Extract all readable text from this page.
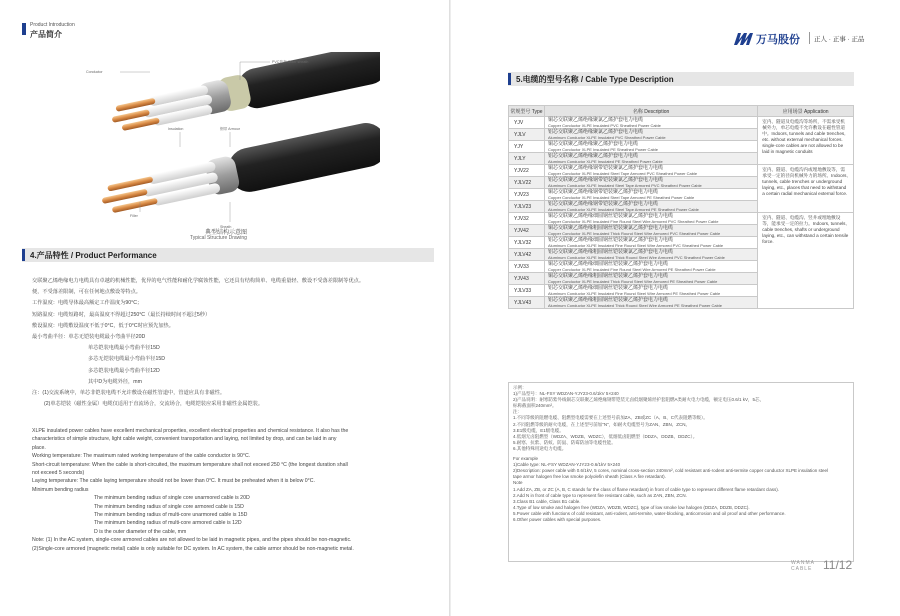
Product Introduction
产品简介
PVC护套 Outer sheath
Conductor
Insulation	钢带 Armour
Filler
Sheath
典型结构示意图
Typical Structure Drawing
4.产品特性 / Product Performance

交联聚乙烯绝缘电力电缆具有卓越的机械性能，优异的电气性能和耐化学腐蚀性能，它还具有结构简单、电缆重量轻、敷设不受落差限制等优点。

便，不受落差限制，可在任何地点敷设等特点。

工作温度：电缆导体最高额定工作温度为90°C；

短路温度：电缆短路时，最高温度不得超过250°C（最长持续时间不超过5秒）

敷设温度：电缆敷设温度不低于0°C，低于0°C时应预先加热。

最小弯曲半径：单芯无铠装电缆最小弯曲半径20D

单芯铠装电缆最小弯曲半径15D

多芯无铠装电缆最小弯曲半径15D

多芯铠装电缆最小弯曲半径12D

其中D为电缆外径，mm

注：(1)交流系统中，单芯非铠装电缆不允许敷设在磁性管道中，管道应具有非磁性。

(2)单芯铠装（磁性金属）电缆仅适用于直流场合，交流场合，电缆铠装应采用非磁性金属铠装。

XLPE insulated power cables have excellent mechanical properties, excellent electrical properties and chemical resistance. It also has the

characteristics of simple structure, light cable weight, convenient transportation and laying, not limited by drop, and can be laid in any

place.

Working temperature: The maximum rated working temperature of the cable conductor is 90°C.

Short-circuit temperature: When the cable is short-circuited, the maximum temperature shall not exceed 250 °C (the longest duration shall

not exceed 5 seconds)

Laying temperature: The cable laying temperature should not be lower than 0°C. It must be preheated when it is below 0°C.

Minimum bending radius

The minimum bending radius of single core unarmored cable is 20D

The minimum bending radius of single core armored cable is 15D

The minimum bending radius of multi-core unarmored cable is 15D

The minimum bending radius of multi-core armored cable is 12D

D is the outer diameter of the cable, mm

Note: (1) In the AC system, single-core armored cables are not allowed to be laid in magnetic pipes, and the pipes should be non-magnetic.

(2)Single-core armored (magnetic metal) cable is only suitable for DC system. In AC system, the cable armor should be non-magnetic metal.

万马股份 正人 · 正事 · 正品
5.电缆的型号名称 / Cable Type Description
常规型号 Type	名称 Description	应用场景 Application
YJV	铜芯交联聚乙烯绝缘聚氯乙烯护套电力电缆
Copper Conductor XLPE Insulated PVC Sheathed Power Cable	室内、隧道及电缆沟等场所，不需承受机械外力，单芯电缆不允许敷设在磁性管道中。Indoors, tunnels and cable trenches, etc. without external mechanical forces. single-core cables are not allowed to be laid in magnetic conduits
YJLV	铝芯交联聚乙烯绝缘聚氯乙烯护套电力电缆
Aluminum Conductor XLPE Insulated PVC Sheathed Power Cable	

YJY	铜芯交联聚乙烯绝缘聚乙烯护套电力电缆
Copper Conductor XLPE Insulated PE Sheathed Power Cable	

YJLY	铝芯交联聚乙烯绝缘聚乙烯护套电力电缆
Aluminum Conductor XLPE Insulated PE Sheathed Power Cable	

YJV22	铜芯交联聚乙烯绝缘钢带铠装聚氯乙烯护套电力电缆
Copper Conductor XLPE Insulated Steel Tape Armored PVC Sheathed Power Cable	室内、隧道、电缆沟内或埋地敷设等，需承受一定的径向机械外力的场所。Indoors, tunnels, cable trenches or underground laying, etc., places that need to withstand a certain radial mechanical external force.
YJLV22	铝芯交联聚乙烯绝缘钢带铠装聚氯乙烯护套电力电缆
Aluminum Conductor XLPE Insulated Steel Tape Armored PVC Sheathed Power Cable	

YJV23	铜芯交联聚乙烯绝缘钢带铠装聚乙烯护套电力电缆
Copper Conductor XLPE Insulated Steel Tape Armored PE Sheathed Power Cable	

YJLV23	铝芯交联聚乙烯绝缘钢带铠装聚乙烯护套电力电缆
Aluminum Conductor XLPE Insulated Steel Tape Armored PE Sheathed Power Cable	

YJV32	铜芯交联聚乙烯绝缘细圆钢丝铠装聚氯乙烯护套电力电缆
Copper Conductor XLPE Insulated Fine Round Steel Wire Armored PVC Sheathed Power Cable	室内、隧道、电缆沟、竖井或埋地敷设等，能承受一定的拉力。Indoors, tunnels, cable trenches, shafts or underground laying, etc., can withstand a certain tensile force.
YJV42	铜芯交联聚乙烯绝缘粗圆钢丝铠装聚氯乙烯护套电力电缆
Copper Conductor XLPE Insulated Thick Round Steel Wire Armored PVC Sheathed Power Cable	

YJLV32	铝芯交联聚乙烯绝缘细圆钢丝铠装聚氯乙烯护套电力电缆
Aluminum Conductor XLPE Insulated Fine Round Steel Wire Armored PVC Sheathed Power Cable	

YJLV42	铝芯交联聚乙烯绝缘粗圆钢丝铠装聚氯乙烯护套电力电缆
Aluminum Conductor XLPE Insulated Thick Round Steel Wire Armored PVC Sheathed Power Cable	

YJV33	铜芯交联聚乙烯绝缘细圆钢丝铠装聚乙烯护套电力电缆
Copper Conductor XLPE Insulated Fine Round Steel Wire Armored PE Sheathed Power Cable	

YJV43	铜芯交联聚乙烯绝缘粗圆钢丝铠装聚乙烯护套电力电缆
Copper Conductor XLPE Insulated Thick Round Steel Wire Armored PE Sheathed Power Cable	

YJLV33	铝芯交联聚乙烯绝缘细圆钢丝铠装聚乙烯护套电力电缆
Aluminum Conductor XLPE Insulated Fine Round Steel Wire Armored PE Sheathed Power Cable	

YJLV43	铝芯交联聚乙烯绝缘粗圆钢丝铠装聚乙烯护套电力电缆
Aluminum Conductor XLPE Insulated Thick Round Steel Wire Armored PE Sheathed Power Cable	

示例：

1)产品型号：NL-FSY WDZAN-YJY23-0.6/1kV 5×240

2)产品说明：耐寒防紫外线铜芯交联聚乙烯绝缘钢带铠装无卤低烟聚烯烃护套阻燃A类耐火电力电缆，额定电压0.6/1 kV，5芯，

标称截面积240mm²。

注：

1.不同等级的阻燃电缆、阻燃型电缆需要在上述型号前加ZA、ZB或ZC（A、B、C代表阻燃等级）。

2.不同阻燃等级的耐火电缆，在上述型号前加"N"，如耐火电缆型号为ZAN、ZBN、ZCN。

3.E1级电缆，E1级电缆。

4.低烟无卤阻燃型（WDZA、WDZB、WDZC），低烟低卤阻燃型（DDZA、DDZB、DDZC）。

5.耐寒、抗紫、防蚁、防鼠、防霉防油等电缆性能。

6.其他特殊用途电力电缆。

For example

1)Cable type: NL-FSY WDZAN-YJY23-0.6/1kV 5×240

2)Description: power cable with 0.6/1kV, 5 cores, nominal cross-section 240mm², cold resistant anti-rodent anti-termite copper conductor XLPE insulation steel

tape armor halogen free low smoke polyolefin sheath (Class A fire retardant).

Note

1.Add ZA, ZB, or ZC (A, B, C stands for the class of flame retardant) in front of cable type to represent different flame retardant class).

2.Add N in front of cable type to represent fire resistant cable, such as ZAN, ZBN, ZCN.

3.Class B1 cable, Class B1 cable.

4.Type of low smoke and halogen free (WDZA, WDZB, WDZC), type of low smoke low halogen (DDZA, DDZB, DDZC).

5.Power cable with functions of cold resistant, anti-rodent, anti-termite, water-blocking, anticorrosion and oil proof and other performance.

6.Other power cables with special purposes.

WANMA
CABLE 11/12
